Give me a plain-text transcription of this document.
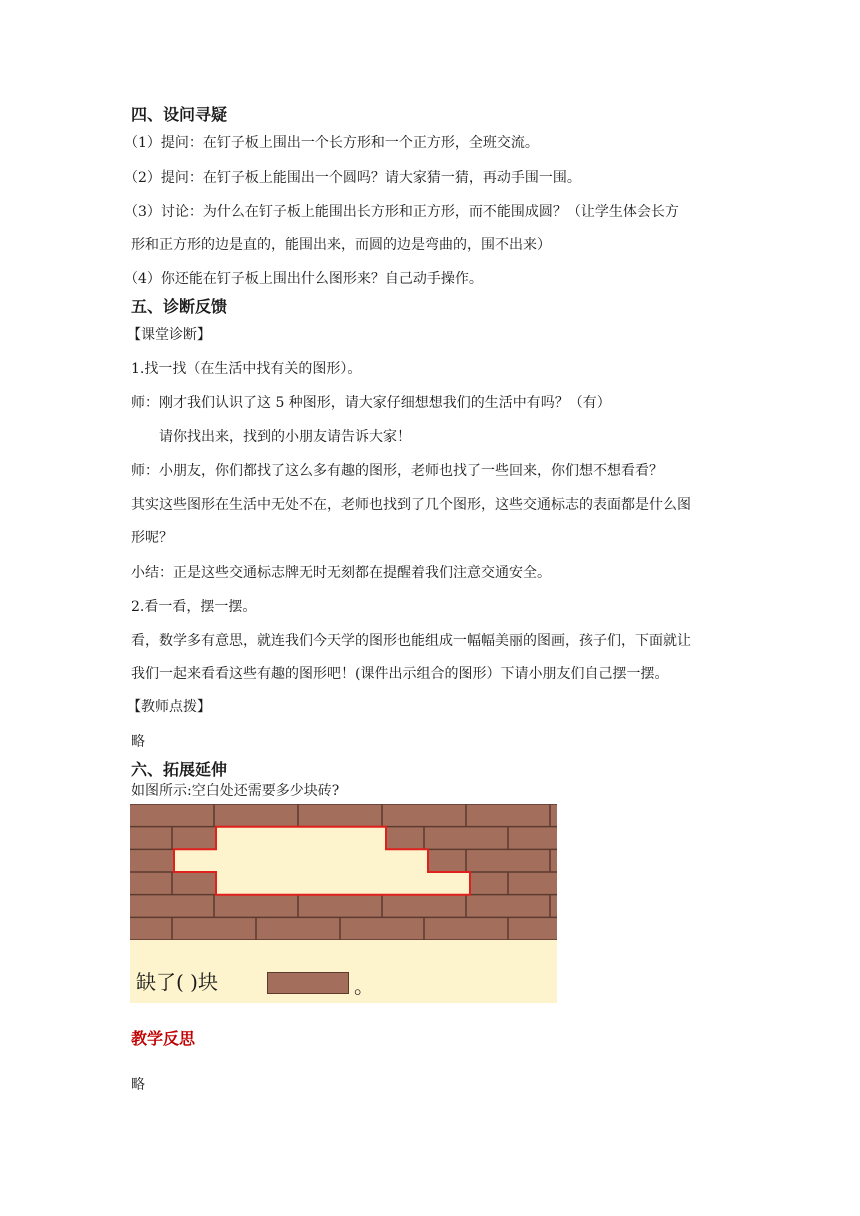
四、设问寻疑
（1）提问：在钉子板上围出一个长方形和一个正方形，全班交流。
（2）提问：在钉子板上能围出一个圆吗？请大家猜一猜，再动手围一围。
（3）讨论：为什么在钉子板上能围出长方形和正方形，而不能围成圆？（让学生体会长方
形和正方形的边是直的，能围出来，而圆的边是弯曲的，围不出来）
（4）你还能在钉子板上围出什么图形来？自己动手操作。
五、诊断反馈
【课堂诊断】
1.找一找（在生活中找有关的图形）。
师：刚才我们认识了这 5 种图形，请大家仔细想想我们的生活中有吗？（有）
请你找出来，找到的小朋友请告诉大家！
师：小朋友，你们都找了这么多有趣的图形，老师也找了一些回来，你们想不想看看？
其实这些图形在生活中无处不在，老师也找到了几个图形，这些交通标志的表面都是什么图
形呢？
小结：正是这些交通标志牌无时无刻都在提醒着我们注意交通安全。
2.看一看，摆一摆。
看，数学多有意思，就连我们今天学的图形也能组成一幅幅美丽的图画，孩子们，下面就让
我们一起来看看这些有趣的图形吧！(课件出示组合的图形）下请小朋友们自己摆一摆。
【教师点拨】
略
六、拓展延伸
如图所示:空白处还需要多少块砖?
缺了( )块	。
教学反思
略
